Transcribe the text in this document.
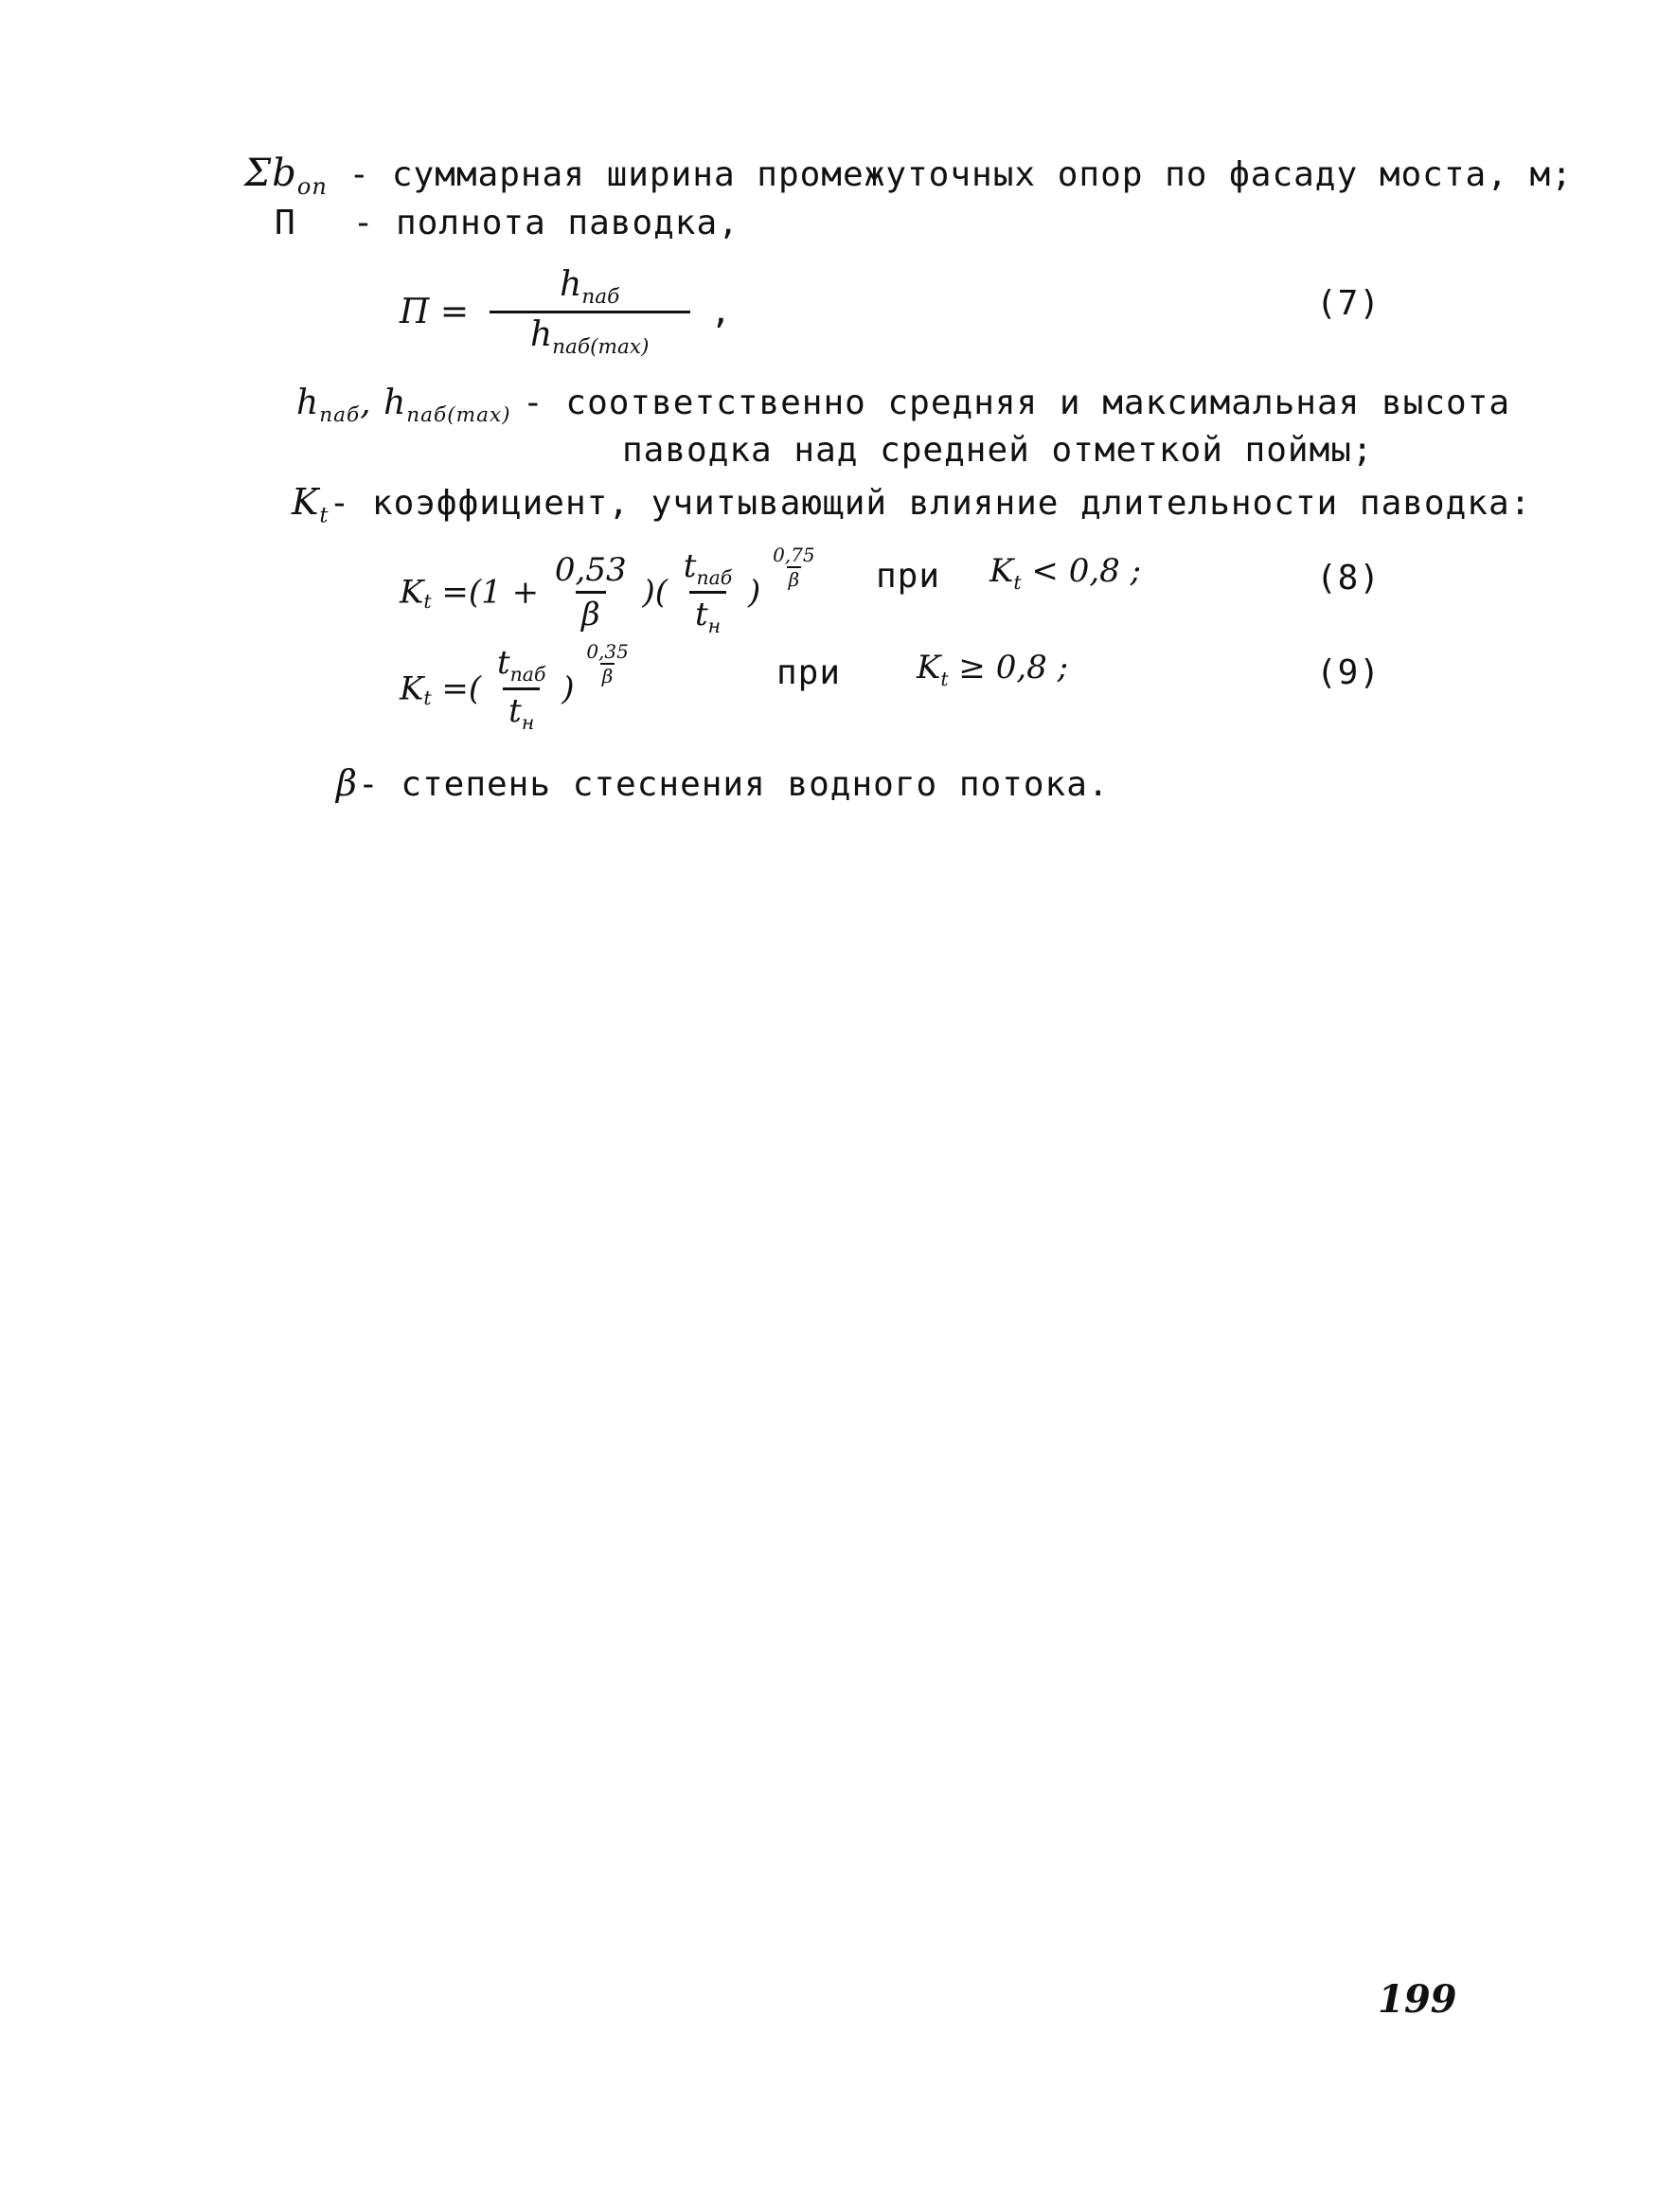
$\Sigma b_{оп}$ - суммарная ширина промежуточных опор по фасаду моста, м;
П - полнота паводка,
$П = \frac{h_{паб}}{h_{паб(max)}}$ ,	(7)
$h_{паб}$, $h_{паб(max)}$ - соответственно средняя и максимальная высота
паводка над средней отметкой поймы;
$K_t-$ коэффициент, учитывающий влияние длительности паводка:
$K_t =(1 + \frac{0,53}{\beta}$ )( $\frac{t_{паб}}{t_н}$ )
$\frac{0,75}{\beta}$ при $K_t < 0,8$ ;	(8)
$K_t$ =( $\frac{t_{паб}}{t_н}$ )
$\frac{0,35}{\beta}$	при $K_t \ge 0,8$ ;	(9)
β- степень стеснения водного потока.
199
